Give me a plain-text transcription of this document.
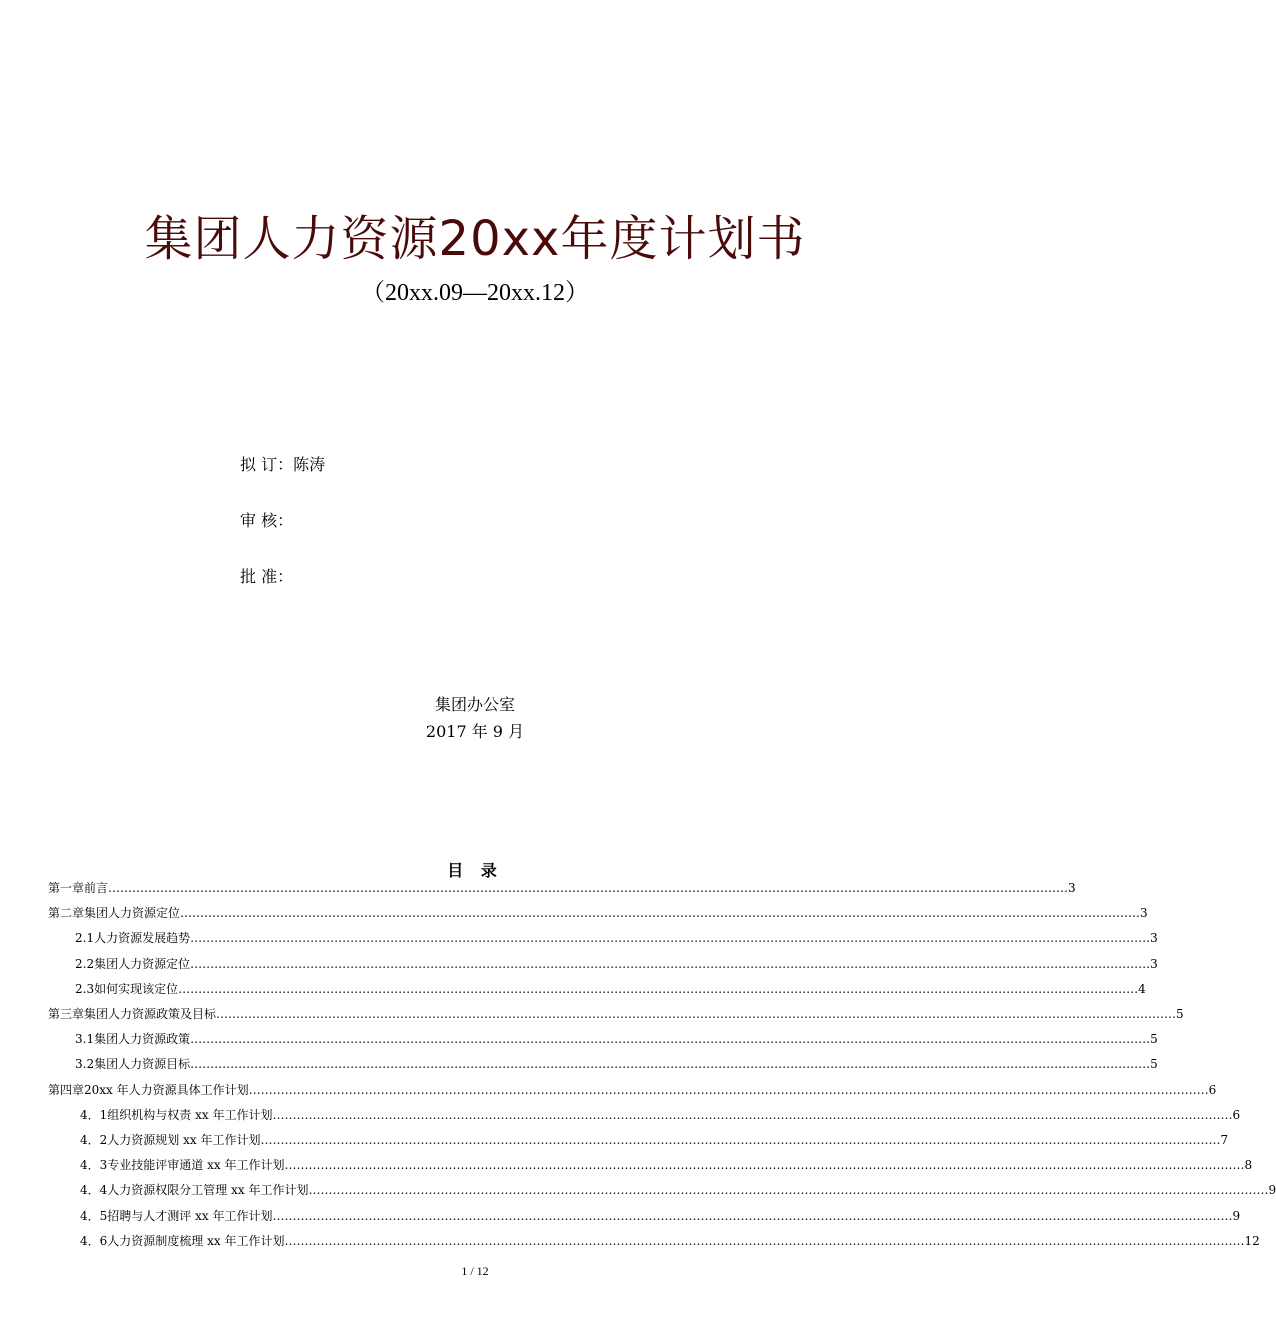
集团人力资源20xx年度计划书
（20xx.09—20xx.12）
拟 订：陈涛
审 核：
批 准：
集团办公室
2017 年 9 月
目 录
第一章 前言 …………………………………………………………………………………………………………………………………………………………………………………………………………………… 3
第二章 集团人力资源定位 …………………………………………………………………………………………………………………………………………………………………………………………………………………… 3
2.1 人力资源发展趋势 …………………………………………………………………………………………………………………………………………………………………………………………………………………… 3
2.2 集团人力资源定位 …………………………………………………………………………………………………………………………………………………………………………………………………………………… 3
2.3 如何实现该定位 …………………………………………………………………………………………………………………………………………………………………………………………………………………… 4
第三章 集团人力资源政策及目标 …………………………………………………………………………………………………………………………………………………………………………………………………………………… 5
3.1 集团人力资源政策 …………………………………………………………………………………………………………………………………………………………………………………………………………………… 5
3.2 集团人力资源目标 …………………………………………………………………………………………………………………………………………………………………………………………………………………… 5
第四章 20xx 年人力资源具体工作计划 …………………………………………………………………………………………………………………………………………………………………………………………………………………… 6
4．1 组织机构与权责 xx 年工作计划 …………………………………………………………………………………………………………………………………………………………………………………………………………………… 6
4．2 人力资源规划 xx 年工作计划 …………………………………………………………………………………………………………………………………………………………………………………………………………………… 7
4．3 专业技能评审通道 xx 年工作计划 …………………………………………………………………………………………………………………………………………………………………………………………………………………… 8
4．4 人力资源权限分工管理 xx 年工作计划 …………………………………………………………………………………………………………………………………………………………………………………………………………………… 9
4．5 招聘与人才测评 xx 年工作计划 …………………………………………………………………………………………………………………………………………………………………………………………………………………… 9
4．6 人力资源制度梳理 xx 年工作计划 …………………………………………………………………………………………………………………………………………………………………………………………………………………… 12
1 / 12
